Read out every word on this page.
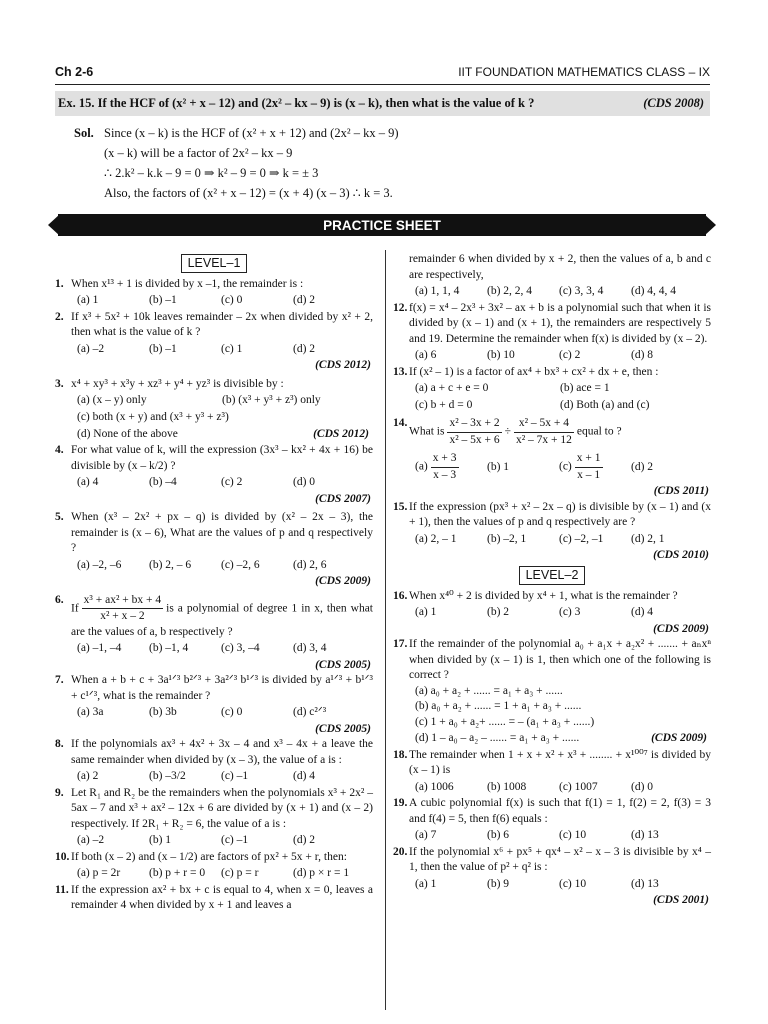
Ch 2-6	IIT FOUNDATION MATHEMATICS CLASS – IX
Ex. 15. If the HCF of (x² + x – 12) and (2x² – kx – 9) is (x – k), then what is the value of k ?	(CDS 2008)
Sol. Since (x – k) is the HCF of (x² + x + 12) and (2x² – kx – 9)
(x – k) will be a factor of 2x² – kx – 9
∴ 2.k² – k.k – 9 = 0 ⇒ k² – 9 = 0 ⇒ k = ± 3
Also, the factors of (x² + x – 12) = (x + 4) (x – 3) ∴ k = 3.
PRACTICE SHEET
LEVEL–1
1. When x¹³ + 1 is divided by x –1, the remainder is :
(a) 1	(b) –1	(c) 0	(d) 2
2. If x³ + 5x² + 10k leaves remainder – 2x when divided by x² + 2, then what is the value of k ?
(a) –2	(b) –1	(c) 1	(d) 2
(CDS 2012)
3. x⁴ + xy³ + x³y + xz³ + y⁴ + yz³ is divisible by :
(a) (x – y) only	(b) (x³ + y³ + z³) only
(c) both (x + y) and (x³ + y³ + z³)
(d) None of the above	(CDS 2012)
4. For what value of k, will the expression (3x³ – kx² + 4x + 16) be divisible by (x – k/2) ?
(a) 4	(b) –4	(c) 2	(d) 0
(CDS 2007)
5. When (x³ – 2x² + px – q) is divided by (x² – 2x – 3), the remainder is (x – 6), What are the values of p and q respectively ?
(a) –2, –6	(b) 2, – 6	(c) –2, 6	(d) 2, 6
(CDS 2009)
6.
If $\frac{\text{x³ + ax² + bx + 4}}{\text{x² + x – 2}}$ is a polynomial of degree 1 in x, then what are the values of a, b respectively ?
(a) –1, –4	(b) –1, 4	(c) 3, –4	(d) 3, 4
(CDS 2005)
7. When a + b + c + 3a¹ᐟ³ b²ᐟ³ + 3a²ᐟ³ b¹ᐟ³ is divided by a¹ᐟ³ + b¹ᐟ³ + c¹ᐟ³, what is the remainder ?
(a) 3a	(b) 3b	(c) 0	(d) c²ᐟ³
(CDS 2005)
8. If the polynomials ax³ + 4x² + 3x – 4 and x³ – 4x + a leave the same remainder when divided by (x – 3), the value of a is :
(a) 2	(b) –3/2	(c) –1	(d) 4
9. Let R₁ and R₂ be the remainders when the polynomials x³ + 2x² – 5ax – 7 and x³ + ax² – 12x + 6 are divided by (x + 1) and (x – 2) respectively. If 2R₁ + R₂ = 6, the value of a is :
(a) –2	(b) 1	(c) –1	(d) 2
10. If both (x – 2) and (x – 1/2) are factors of px² + 5x + r, then:
(a) p = 2r	(b) p + r = 0	(c) p = r	(d) p × r = 1
11. If the expression ax² + bx + c is equal to 4, when x = 0, leaves a remainder 4 when divided by x + 1 and leaves a
remainder 6 when divided by x + 2, then the values of a, b and c are respectively,
(a) 1, 1, 4	(b) 2, 2, 4	(c) 3, 3, 4	(d) 4, 4, 4
12. f(x) = x⁴ – 2x³ + 3x² – ax + b is a polynomial such that when it is divided by (x – 1) and (x + 1), the remainders are respectively 5 and 19. Determine the remainder when f(x) is divided by (x – 2).
(a) 6	(b) 10	(c) 2	(d) 8
13. If (x² – 1) is a factor of ax⁴ + bx³ + cx² + dx + e, then :
(a) a + c + e = 0	(b) ace = 1
(c) b + d = 0	(d) Both (a) and (c)
14.
What is $\frac{\text{x² – 3x + 2}}{\text{x² – 5x + 6}} \div \frac{\text{x² – 5x + 4}}{\text{x² – 7x + 12}}$ equal to ?
$(a) \frac{x + 3}{x - 3} (b)$ 1	$(c) \frac{x + 1}{x - 1} (d)$ 2
(CDS 2011)
15. If the expression (px³ + x² – 2x – q) is divisible by (x – 1) and (x + 1), then the values of p and q respectively are ?
(a) 2, – 1	(b) –2, 1	(c) –2, –1	(d) 2, 1
(CDS 2010)
LEVEL–2
16. When x⁴⁰ + 2 is divided by x⁴ + 1, what is the remainder ?
(a) 1	(b) 2	(c) 3	(d) 4
(CDS 2009)
17. If the remainder of the polynomial a₀ + a₁x + a₂x² + ....... + aₙxⁿ when divided by (x – 1) is 1, then which one of the following is correct ?
(a) a₀ + a₂ + ...... = a₁ + a₃ + ......
(b) a₀ + a₂ + ...... = 1 + a₁ + a₃ + ......
(c) 1 + a₀ + a₂+ ...... = – (a₁ + a₃ + ......)
(d) 1 – a₀ – a₂ – ...... = a₁ + a₃ + ......	(CDS 2009)
18. The remainder when 1 + x + x² + x³ + ........ + x¹⁰⁰⁷ is divided by (x – 1) is
(a) 1006	(b) 1008	(c) 1007	(d) 0
19. A cubic polynomial f(x) is such that f(1) = 1, f(2) = 2, f(3) = 3 and f(4) = 5, then f(6) equals :
(a) 7	(b) 6	(c) 10	(d) 13
20. If the polynomial x⁶ + px⁵ + qx⁴ – x² – x – 3 is divisible by x⁴ – 1, then the value of p² + q² is :
(a) 1	(b) 9	(c) 10	(d) 13
(CDS 2001)
